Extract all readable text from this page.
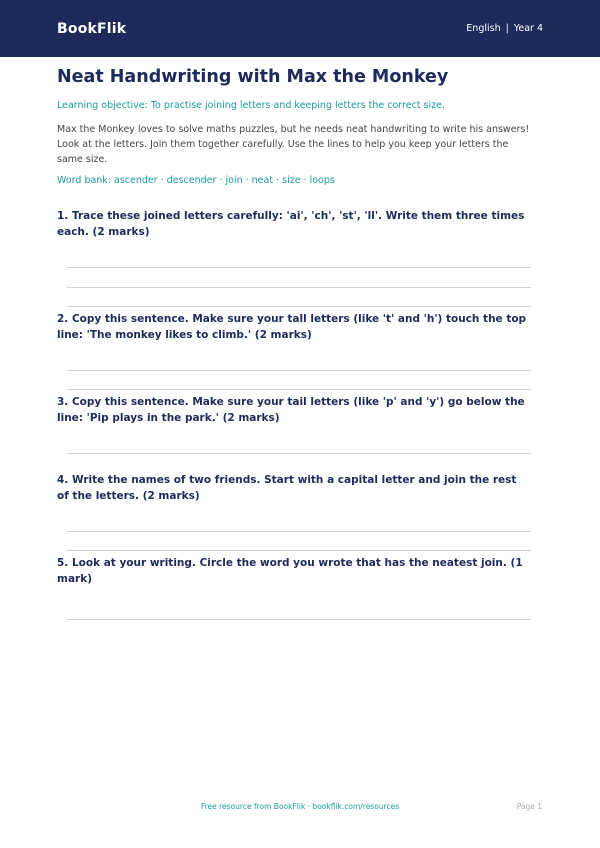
BookFlik	English | Year 4
Neat Handwriting with Max the Monkey
Learning objective: To practise joining letters and keeping letters the correct size.
Max the Monkey loves to solve maths puzzles, but he needs neat handwriting to write his answers! Look at the letters. Join them together carefully. Use the lines to help you keep your letters the same size.
Word bank: ascender · descender · join · neat · size · loops
1. Trace these joined letters carefully: 'ai', 'ch', 'st', 'll'. Write them three times each. (2 marks)
2. Copy this sentence. Make sure your tall letters (like 't' and 'h') touch the top line: 'The monkey likes to climb.' (2 marks)
3. Copy this sentence. Make sure your tail letters (like 'p' and 'y') go below the line: 'Pip plays in the park.' (2 marks)
4. Write the names of two friends. Start with a capital letter and join the rest of the letters. (2 marks)
5. Look at your writing. Circle the word you wrote that has the neatest join. (1 mark)
Free resource from BookFlik · bookflik.com/resources	Page 1
